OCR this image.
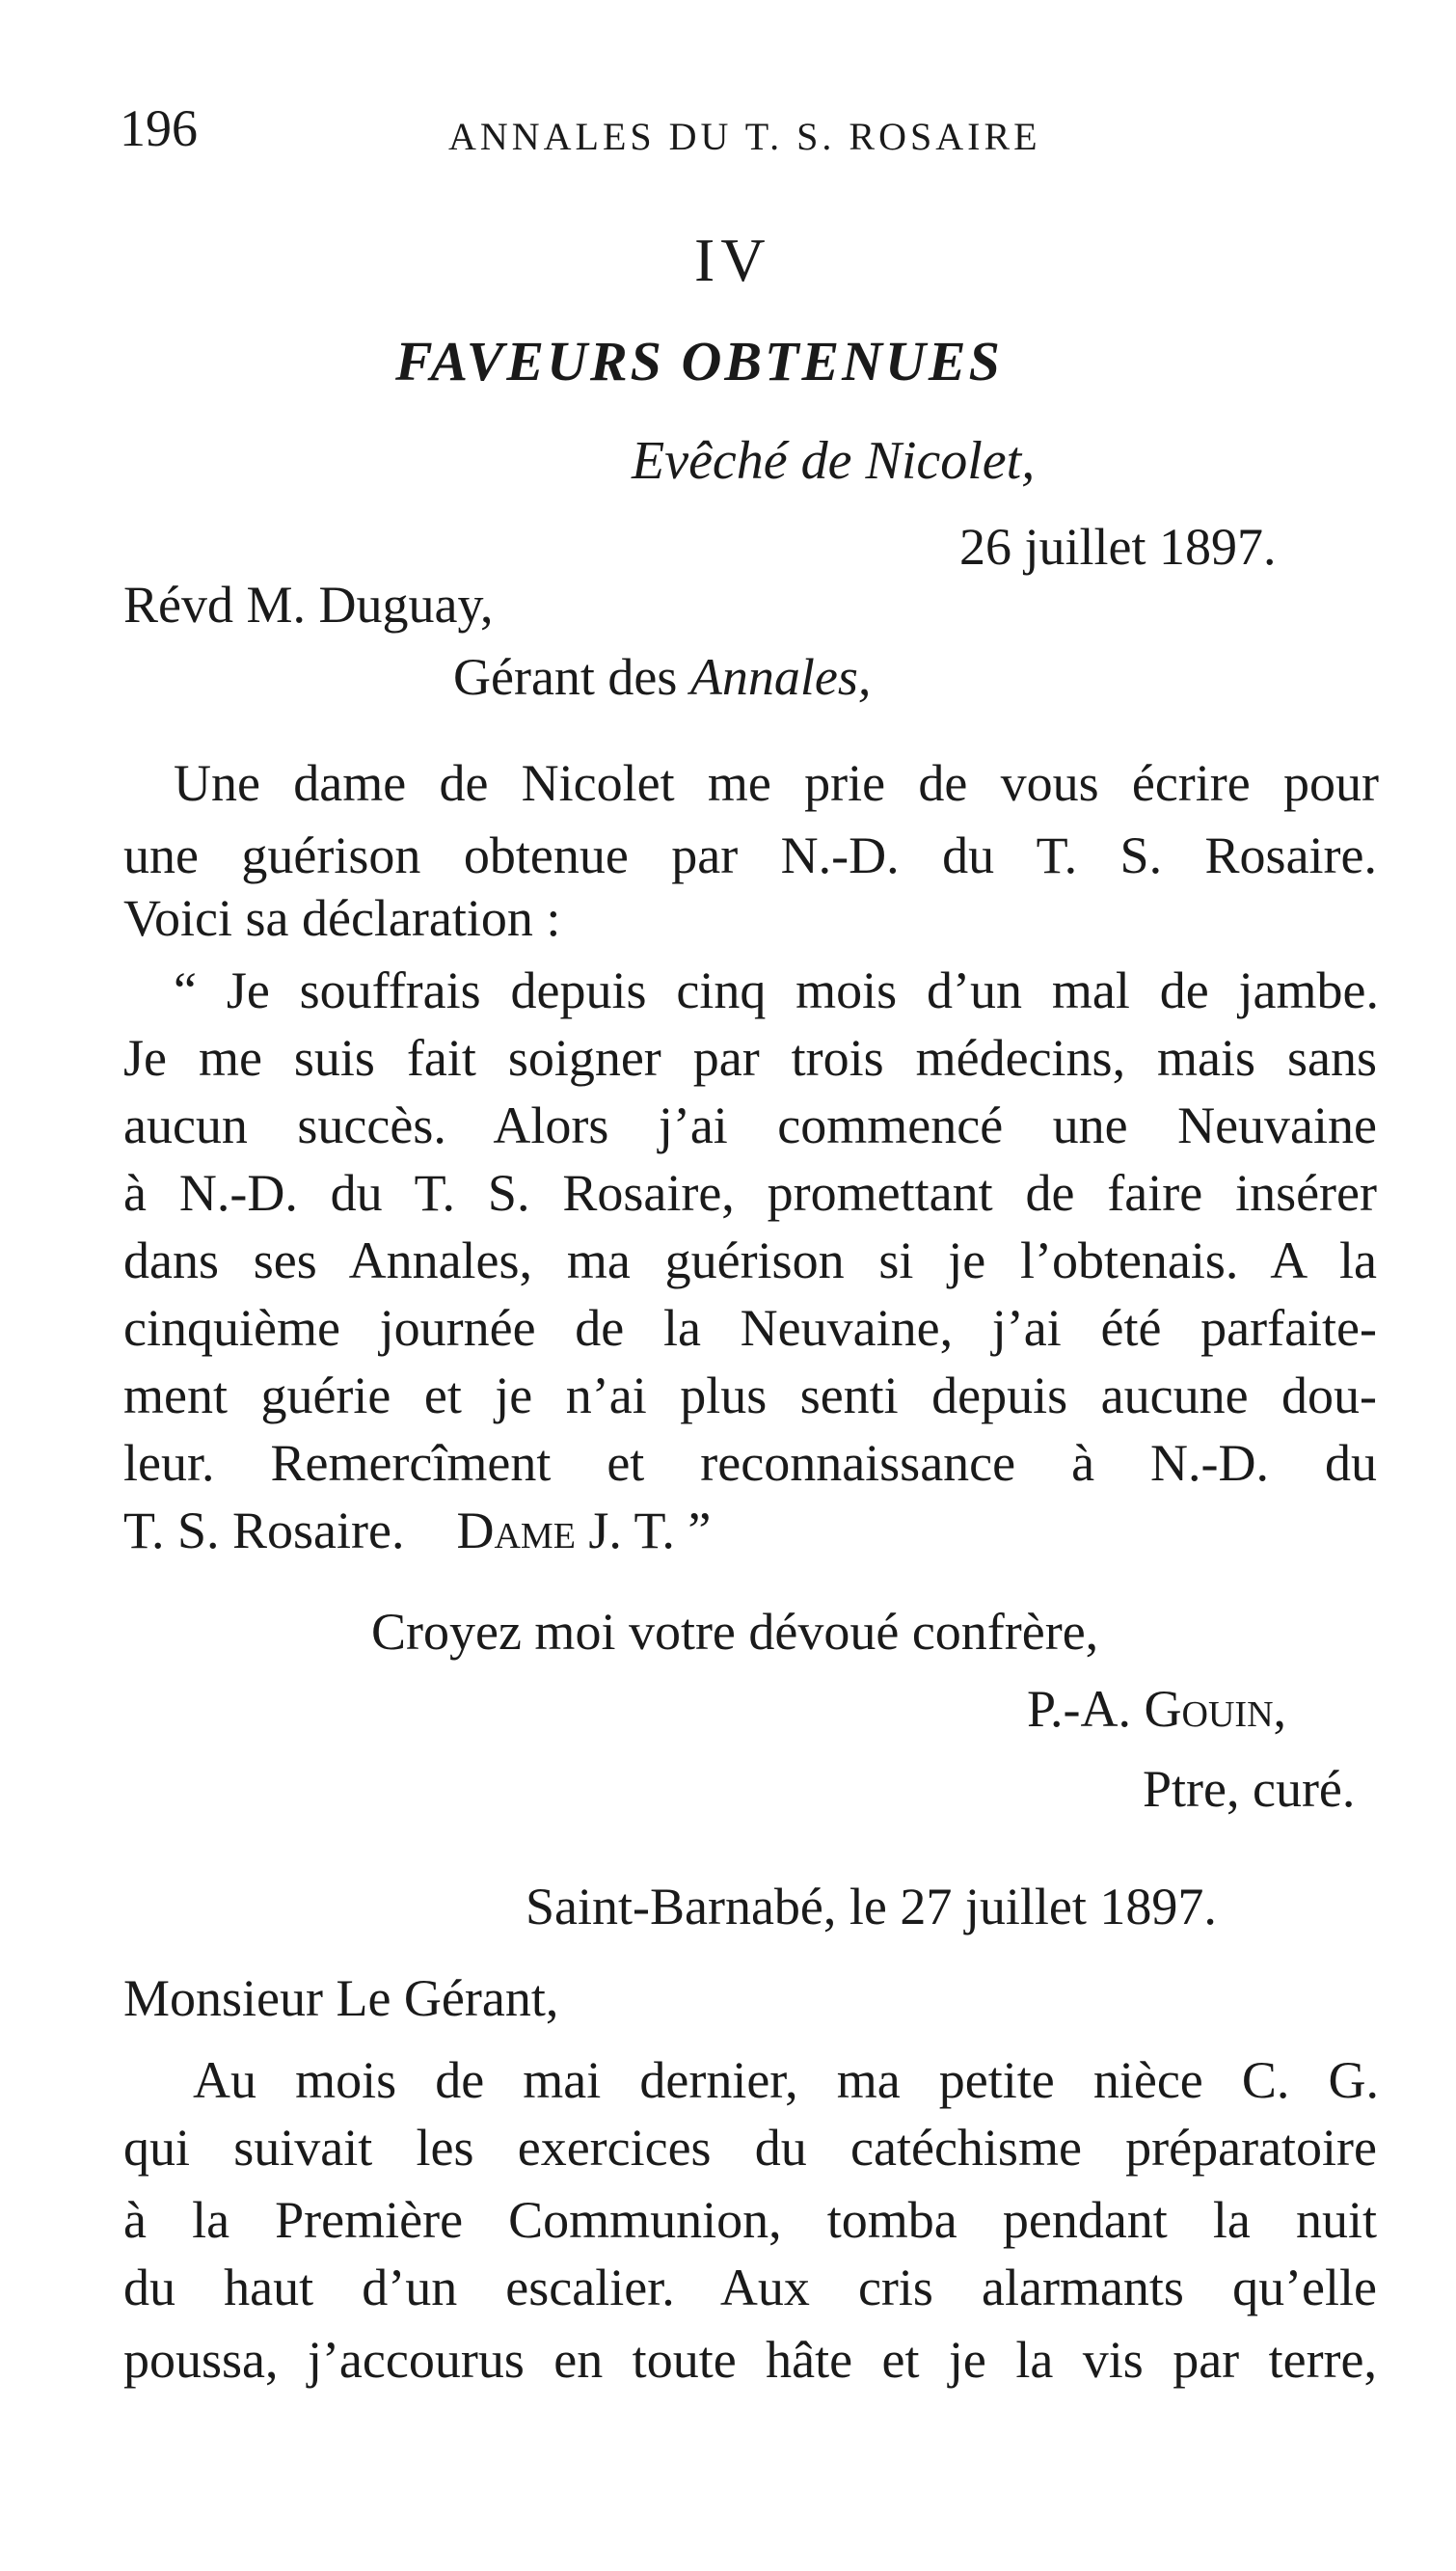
196	ANNALES DU T. S. ROSAIRE
IV
FAVEURS OBTENUES
Evêché de Nicolet,
26 juillet 1897.
Révd M. Duguay,
Gérant des Annales,
Une dame de Nicolet me prie de vous écrire pour
une guérison obtenue par N.-D. du T. S. Rosaire.
Voici sa déclaration :
“ Je souffrais depuis cinq mois d’un mal de jambe.
Je me suis fait soigner par trois médecins, mais sans
aucun succès. Alors j’ai commencé une Neuvaine
à N.-D. du T. S. Rosaire, promettant de faire insérer
dans ses Annales, ma guérison si je l’obtenais. A la
cinquième journée de la Neuvaine, j’ai été parfaite-
ment guérie et je n’ai plus senti depuis aucune dou-
leur. Remercîment et reconnaissance à N.-D. du
T. S. Rosaire. Dame J. T. ”
Croyez moi votre dévoué confrère,
P.-A. Gouin,
Ptre, curé.
Saint-Barnabé, le 27 juillet 1897.
Monsieur Le Gérant,
Au mois de mai dernier, ma petite nièce C. G.
qui suivait les exercices du catéchisme préparatoire
à la Première Communion, tomba pendant la nuit
du haut d’un escalier. Aux cris alarmants qu’elle
poussa, j’accourus en toute hâte et je la vis par terre,
